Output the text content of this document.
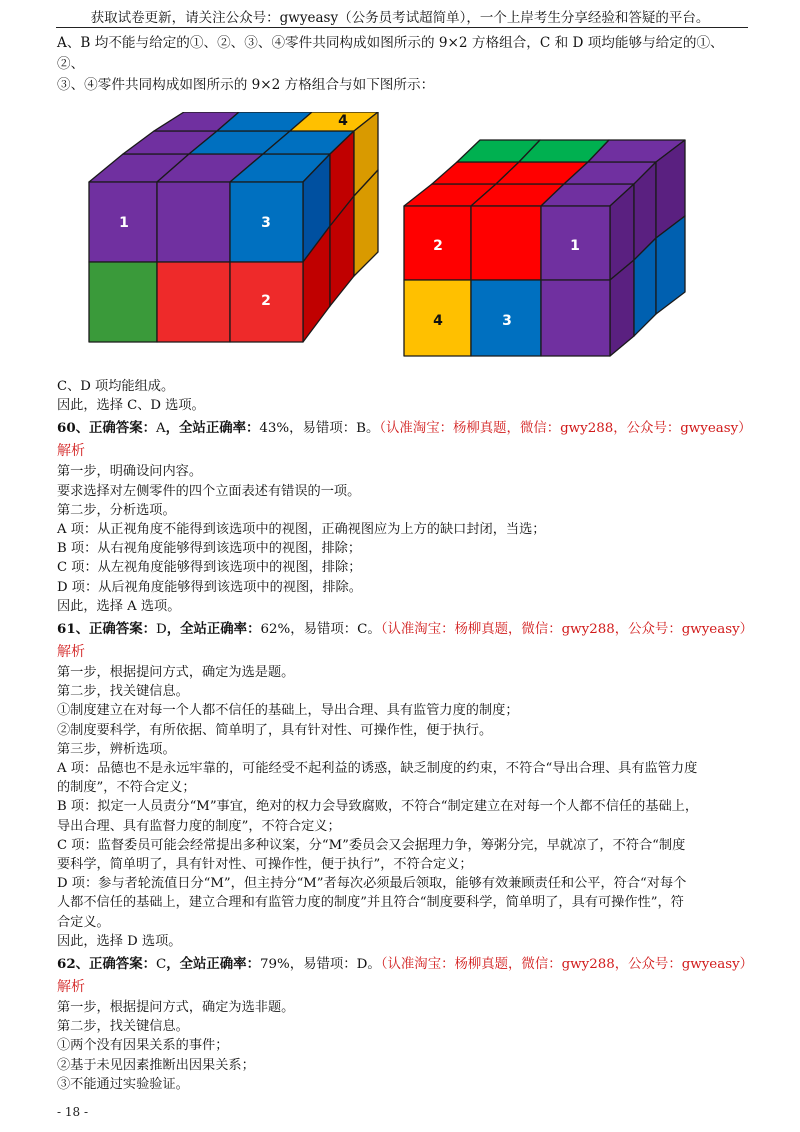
获取试卷更新，请关注公众号：gwyeasy（公务员考试超简单），一个上岸考生分享经验和答疑的平台。

A、B 均不能与给定的①、②、③、④零件共同构成如图所示的 9×2 方格组合，C 和 D 项均能够与给定的①、②、

③、④零件共同构成如图所示的 9×2 方格组合与如下图所示：

4
1	3
2
2	1
4	3

C、D 项均能组成。

因此，选择 C、D 选项。

60、正确答案：A，全站正确率：43%，易错项：B。（认准淘宝：杨柳真题，微信：gwy288，公众号：gwyeasy）

解析

第一步，明确设问内容。

要求选择对左侧零件的四个立面表述有错误的一项。

第二步，分析选项。

A 项：从正视角度不能得到该选项中的视图，正确视图应为上方的缺口封闭，当选；

B 项：从右视角度能够得到该选项中的视图，排除；

C 项：从左视角度能够得到该选项中的视图，排除；

D 项：从后视角度能够得到该选项中的视图，排除。

因此，选择 A 选项。

61、正确答案：D，全站正确率：62%，易错项：C。（认准淘宝：杨柳真题，微信：gwy288，公众号：gwyeasy）

解析

第一步，根据提问方式，确定为选是题。

第二步，找关键信息。

①制度建立在对每一个人都不信任的基础上，导出合理、具有监管力度的制度；

②制度要科学，有所依据、简单明了，具有针对性、可操作性，便于执行。

第三步，辨析选项。

A 项：品德也不是永远牢靠的，可能经受不起利益的诱惑，缺乏制度的约束，不符合“导出合理、具有监管力度

的制度”，不符合定义；

B 项：拟定一人员责分“M”事宜，绝对的权力会导致腐败，不符合“制定建立在对每一个人都不信任的基础上，

导出合理、具有监督力度的制度”，不符合定义；

C 项：监督委员可能会经常提出多种议案，分“M”委员会又会据理力争，筹粥分完，早就凉了，不符合“制度

要科学，简单明了，具有针对性、可操作性，便于执行”，不符合定义；

D 项：参与者轮流值日分“M”，但主持分“M”者每次必须最后领取，能够有效兼顾责任和公平，符合“对每个

人都不信任的基础上，建立合理和有监管力度的制度”并且符合“制度要科学，简单明了，具有可操作性”，符

合定义。

因此，选择 D 选项。

62、正确答案：C，全站正确率：79%，易错项：D。（认准淘宝：杨柳真题，微信：gwy288，公众号：gwyeasy）

解析

第一步，根据提问方式，确定为选非题。

第二步，找关键信息。

①两个没有因果关系的事件；

②基于未见因素推断出因果关系；

③不能通过实验验证。

- 18 -
